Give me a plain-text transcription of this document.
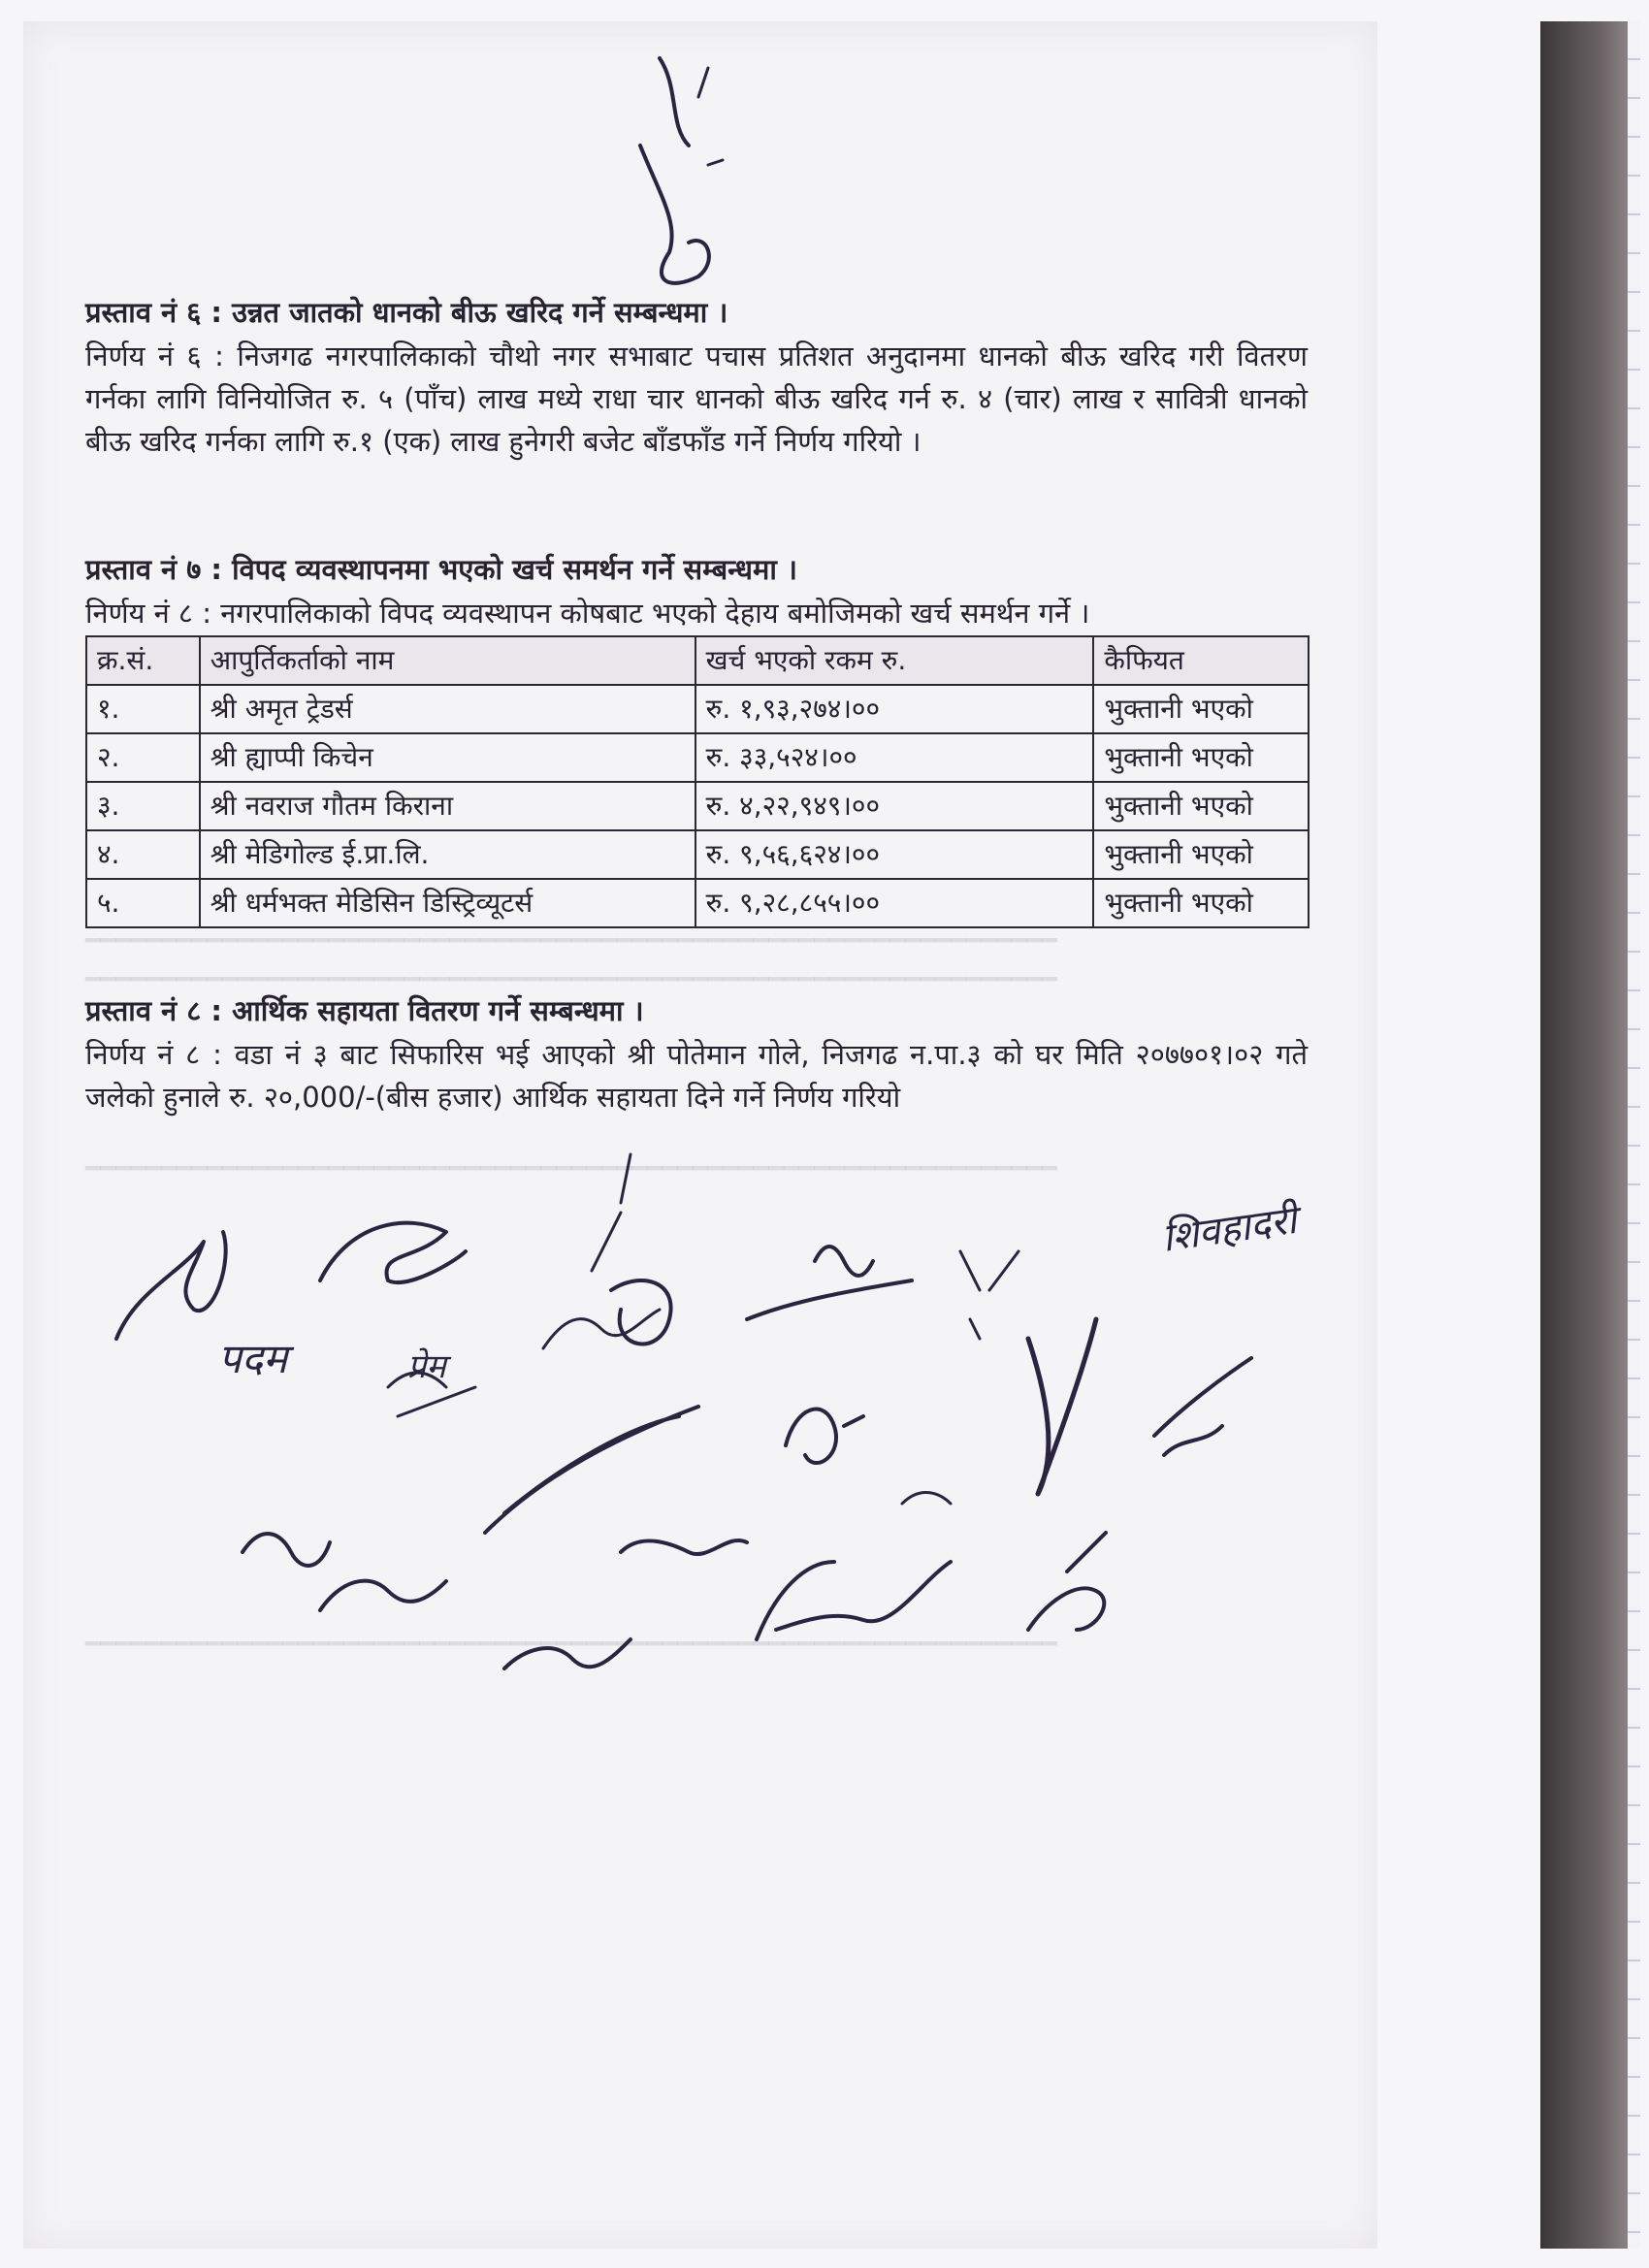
━━━━━━━━━━━━━━━━━━━━━━━━━━━━━━━━━━━━━━━━━━━━━━━━━━━━━━━━━━━━━━━━
━━━━━━━━━━━━━━━━━━━━━━━━━━━━━━━━━━━━━━━━━━━━━━━━━━━━━━━━━━━━━━━━
━━━━━━━━━━━━━━━━━━━━━━━━━━━━━━━━━━━━━━━━━━━━━━━━━━━━━━━━━━━━━━━━
━━━━━━━━━━━━━━━━━━━━━━━━━━━━━━━━━━━━━━━━━━━━━━━━━━━━━━━━━━━━━━━━
प्रस्ताव नं ६ : उन्नत जातको धानको बीऊ खरिद गर्ने सम्बन्धमा ।
निर्णय नं ६ : निजगढ नगरपालिकाको चौथो नगर सभाबाट पचास प्रतिशत अनुदानमा धानको बीऊ खरिद गरी वितरण गर्नका लागि विनियोजित रु. ५ (पाँच) लाख मध्ये राधा चार धानको बीऊ खरिद गर्न रु. ४ (चार) लाख र सावित्री धानको बीऊ खरिद गर्नका लागि रु.१ (एक) लाख हुनेगरी बजेट बाँडफाँड गर्ने निर्णय गरियो ।
प्रस्ताव नं ७ : विपद व्यवस्थापनमा भएको खर्च समर्थन गर्ने सम्बन्धमा ।
निर्णय नं ८ : नगरपालिकाको विपद व्यवस्थापन कोषबाट भएको देहाय बमोजिमको खर्च समर्थन गर्ने ।
क्र.सं.	आपुर्तिकर्ताको नाम	खर्च भएको रकम रु.	कैफियत
१.	श्री अमृत ट्रेडर्स	रु. १,९३,२७४।००	भुक्तानी भएको
२.	श्री ह्याप्पी किचेन	रु. ३३,५२४।००	भुक्तानी भएको
३.	श्री नवराज गौतम किराना	रु. ४,२२,९४९।००	भुक्तानी भएको
४.	श्री मेडिगोल्ड ई.प्रा.लि.	रु. ९,५६,६२४।००	भुक्तानी भएको
५.	श्री धर्मभक्त मेडिसिन डिस्ट्रिव्यूटर्स	रु. ९,२८,८५५।००	भुक्तानी भएको
प्रस्ताव नं ८ : आर्थिक सहायता वितरण गर्ने सम्बन्धमा ।
निर्णय नं ८ : वडा नं ३ बाट सिफारिस भई आएको श्री पोतेमान गोले, निजगढ न.पा.३ को घर मिति २०७७०१।०२ गते जलेको हुनाले रु. २०,000/-(बीस हजार) आर्थिक सहायता दिने गर्ने निर्णय गरियो
पदम	प्रेम
शिवहादरी
